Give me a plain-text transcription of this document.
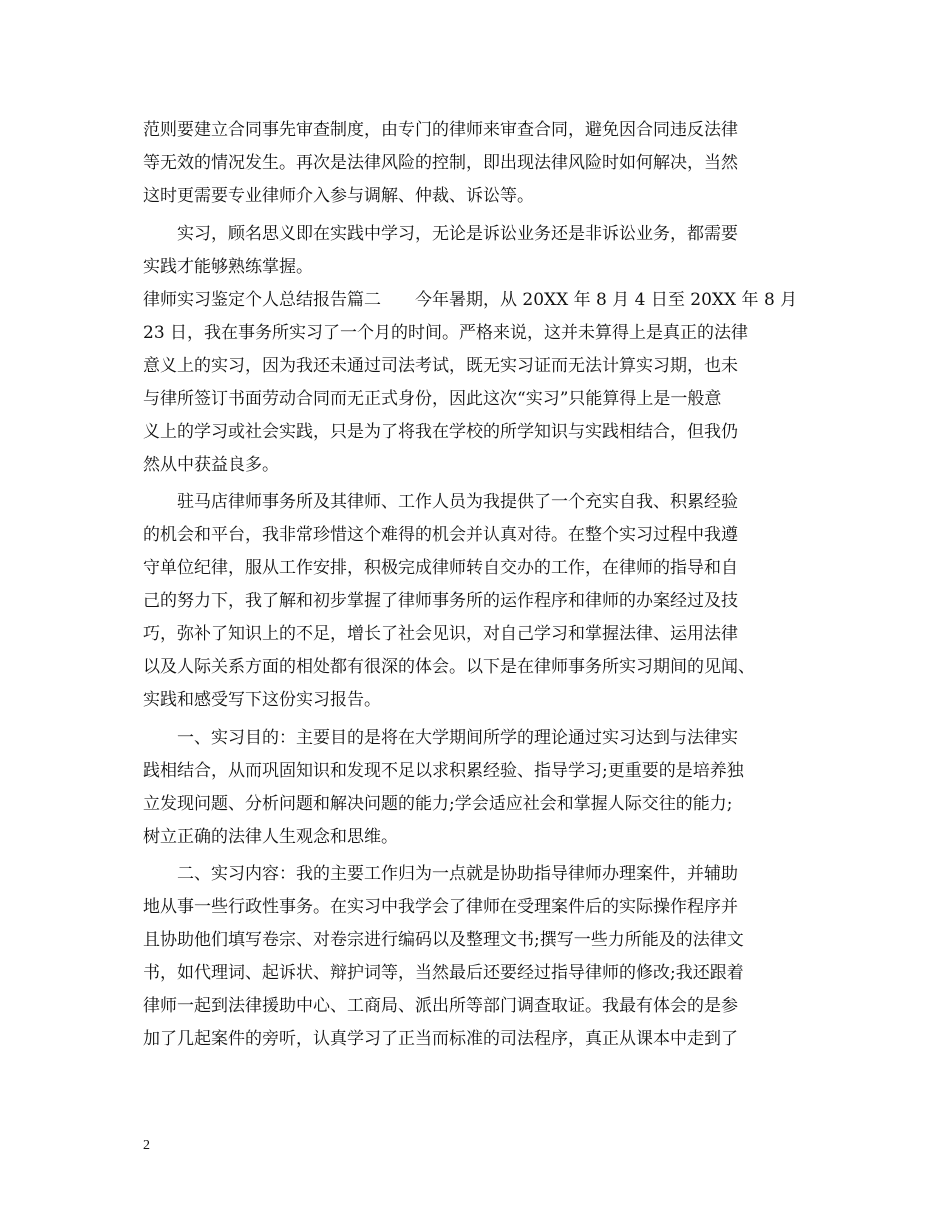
范则要建立合同事先审查制度，由专门的律师来审查合同，避免因合同违反法律
等无效的情况发生。再次是法律风险的控制，即出现法律风险时如何解决，当然
这时更需要专业律师介入参与调解、仲裁、诉讼等。
　　实习，顾名思义即在实践中学习，无论是诉讼业务还是非诉讼业务，都需要
实践才能够熟练掌握。
律师实习鉴定个人总结报告篇二　　今年暑期，从 20XX 年 8 月 4 日至 20XX 年 8 月
23 日，我在事务所实习了一个月的时间。严格来说，这并未算得上是真正的法律
意义上的实习，因为我还未通过司法考试，既无实习证而无法计算实习期，也未
与律所签订书面劳动合同而无正式身份，因此这次“实习”只能算得上是一般意
义上的学习或社会实践，只是为了将我在学校的所学知识与实践相结合，但我仍
然从中获益良多。
　　驻马店律师事务所及其律师、工作人员为我提供了一个充实自我、积累经验
的机会和平台，我非常珍惜这个难得的机会并认真对待。在整个实习过程中我遵
守单位纪律，服从工作安排，积极完成律师转自交办的工作，在律师的指导和自
己的努力下，我了解和初步掌握了律师事务所的运作程序和律师的办案经过及技
巧，弥补了知识上的不足，增长了社会见识，对自己学习和掌握法律、运用法律
以及人际关系方面的相处都有很深的体会。以下是在律师事务所实习期间的见闻、
实践和感受写下这份实习报告。
　　一、实习目的：主要目的是将在大学期间所学的理论通过实习达到与法律实
践相结合，从而巩固知识和发现不足以求积累经验、指导学习;更重要的是培养独
立发现问题、分析问题和解决问题的能力;学会适应社会和掌握人际交往的能力;
树立正确的法律人生观念和思维。
　　二、实习内容：我的主要工作归为一点就是协助指导律师办理案件，并辅助
地从事一些行政性事务。在实习中我学会了律师在受理案件后的实际操作程序并
且协助他们填写卷宗、对卷宗进行编码以及整理文书;撰写一些力所能及的法律文
书，如代理词、起诉状、辩护词等，当然最后还要经过指导律师的修改;我还跟着
律师一起到法律援助中心、工商局、派出所等部门调查取证。我最有体会的是参
加了几起案件的旁听，认真学习了正当而标准的司法程序，真正从课本中走到了
2
